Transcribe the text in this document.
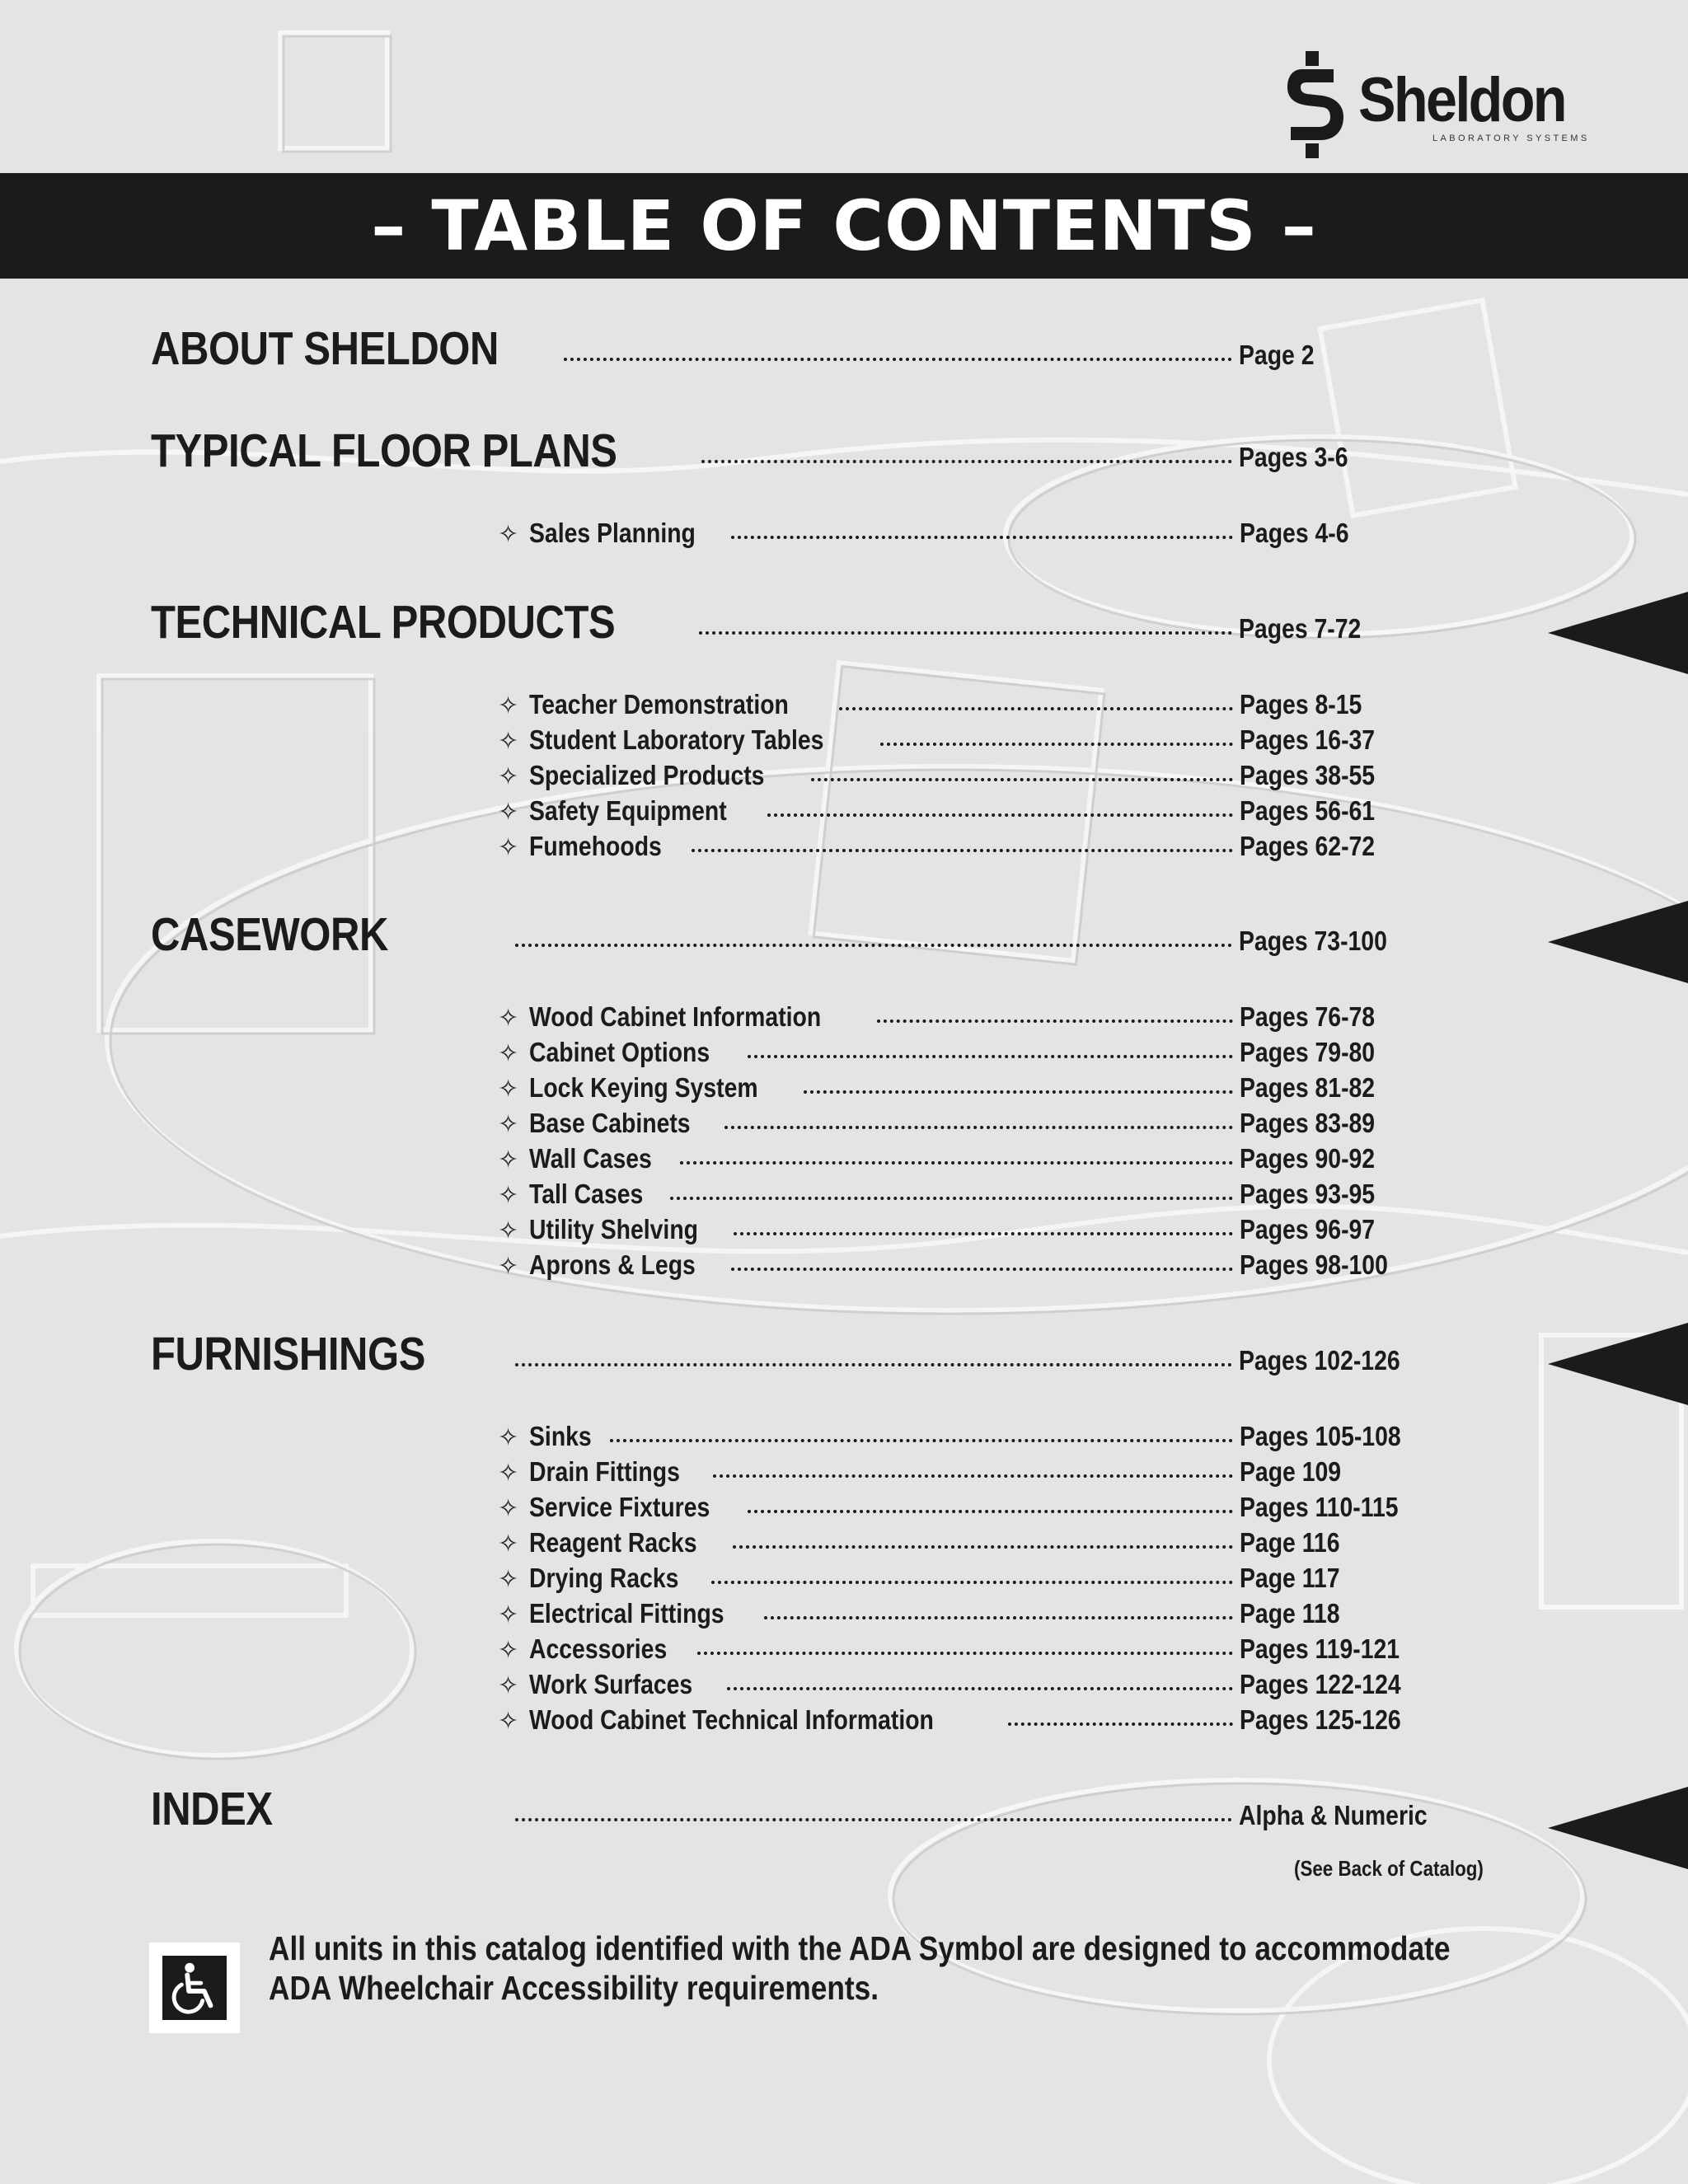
Sheldon
LABORATORY SYSTEMS
– TABLE OF CONTENTS –
ABOUT SHELDON	Page 2
TYPICAL FLOOR PLANS	Pages 3-6
✧ Sales Planning	Pages 4-6
TECHNICAL PRODUCTS	Pages 7-72
✧ Teacher Demonstration	Pages 8-15
✧ Student Laboratory Tables	Pages 16-37
✧ Specialized Products	Pages 38-55
✧ Safety Equipment	Pages 56-61
✧ Fumehoods	Pages 62-72
CASEWORK	Pages 73-100
✧ Wood Cabinet Information	Pages 76-78
✧ Cabinet Options	Pages 79-80
✧ Lock Keying System	Pages 81-82
✧ Base Cabinets	Pages 83-89
✧ Wall Cases	Pages 90-92
✧ Tall Cases	Pages 93-95
✧ Utility Shelving	Pages 96-97
✧ Aprons & Legs	Pages 98-100
FURNISHINGS	Pages 102-126
✧ Sinks	Pages 105-108
✧ Drain Fittings	Page 109
✧ Service Fixtures	Pages 110-115
✧ Reagent Racks	Page 116
✧ Drying Racks	Page 117
✧ Electrical Fittings	Page 118
✧ Accessories	Pages 119-121
✧ Work Surfaces	Pages 122-124
✧ Wood Cabinet Technical Information	Pages 125-126
INDEX	Alpha & Numeric
(See Back of Catalog)
All units in this catalog identified with the ADA Symbol are designed to accommodate
ADA Wheelchair Accessibility requirements.
